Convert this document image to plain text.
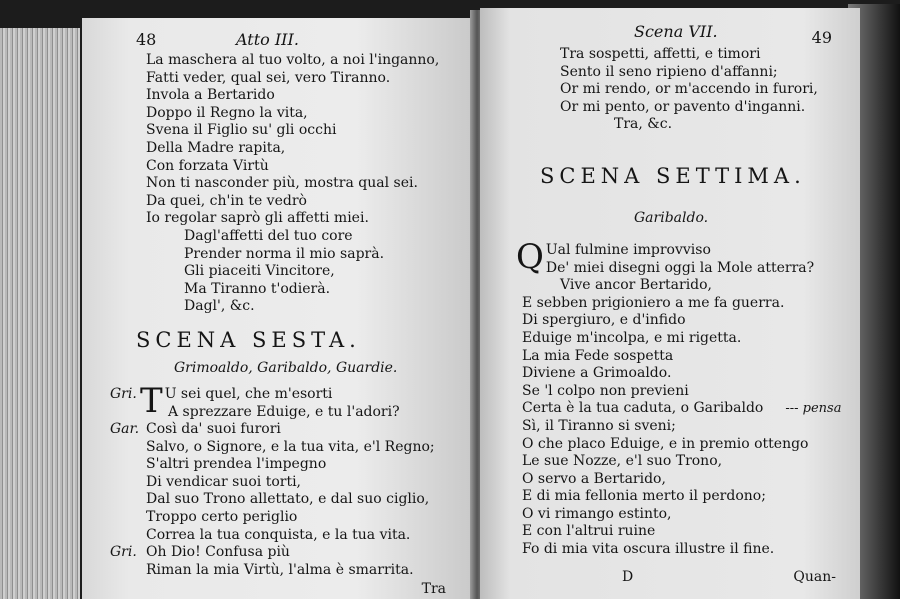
48	Atto III.
La maschera al tuo volto, a noi l'inganno,
Fatti veder, qual sei, vero Tiranno.
Invola a Bertarido
Doppo il Regno la vita,
Svena il Figlio su' gli occhi
Della Madre rapita,
Con forzata Virtù
Non ti nasconder più, mostra qual sei.
Da quei, ch'in te vedrò
Io regolar saprò gli affetti miei.
Dagl'affetti del tuo core
Prender norma il mio saprà.
Gli piaceiti Vincitore,
Ma Tiranno t'odierà.
Dagl', &c.
SCENA SESTA.
Grimoaldo, Garibaldo, Guardie.
Gri. T U sei quel, che m'esorti
A sprezzare Eduige, e tu l'adori?
Gar. Così da' suoi furori
Salvo, o Signore, e la tua vita, e'l Regno;
S'altri prendea l'impegno
Di vendicar suoi torti,
Dal suo Trono allettato, e dal suo ciglio,
Troppo certo periglio
Correa la tua conquista, e la tua vita.
Gri. Oh Dio! Confusa più
Riman la mia Virtù, l'alma è smarrita.
Tra
Scena VII.	49
Tra sospetti, affetti, e timori
Sento il seno ripieno d'affanni;
Or mi rendo, or m'accendo in furori,
Or mi pento, or pavento d'inganni.
Tra, &c.
SCENA SETTIMA.
Garibaldo.
Q Ual fulmine improvviso
De' miei disegni oggi la Mole atterra?
Vive ancor Bertarido,
E sebben prigioniero a me fa guerra.
Di spergiuro, e d'infido
Eduige m'incolpa, e mi rigetta.
La mia Fede sospetta
Diviene a Grimoaldo.
Se 'l colpo non previeni
Certa è la tua caduta, o Garibaldo --- pensa
Sì, il Tiranno si sveni;
O che placo Eduige, e in premio ottengo
Le sue Nozze, e'l suo Trono,
O servo a Bertarido,
E di mia fellonia merto il perdono;
O vi rimango estinto,
E con l'altrui ruine
Fo di mia vita oscura illustre il fine.
D	Quan-
